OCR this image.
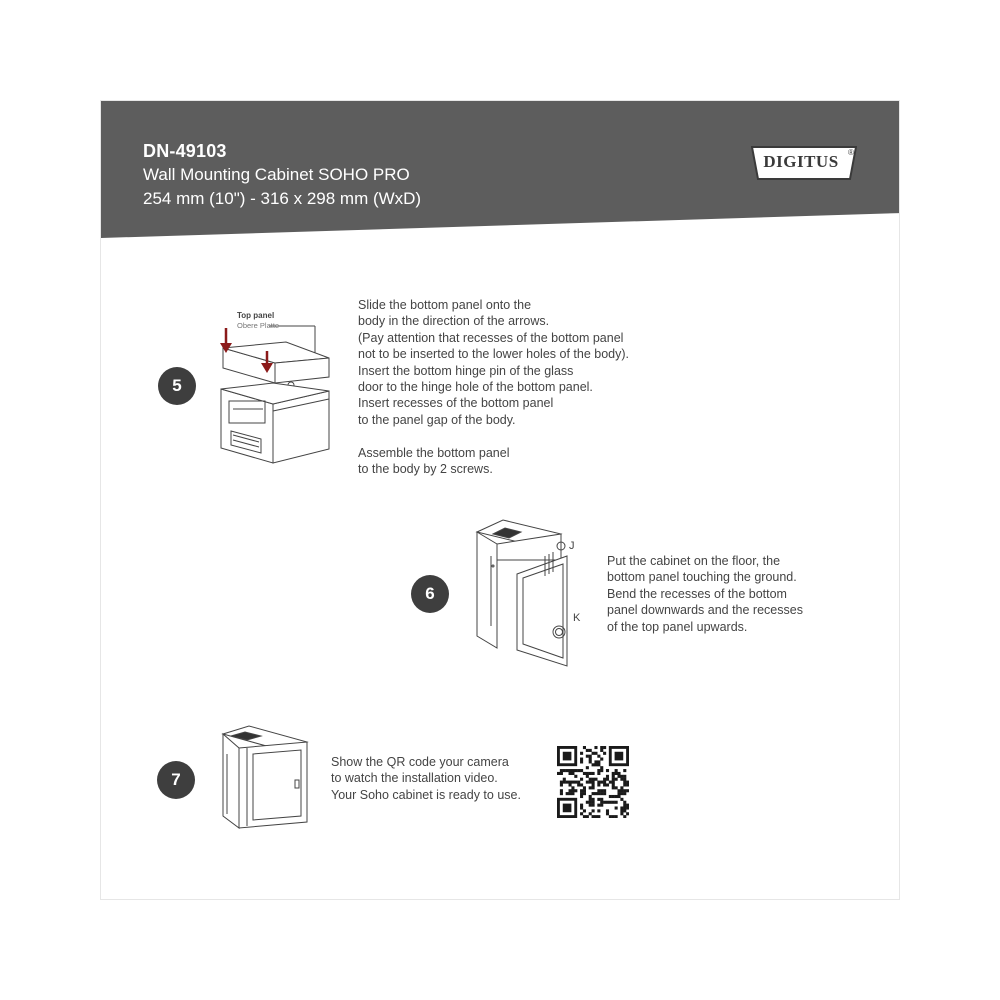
DN-49103
Wall Mounting Cabinet SOHO PRO
254 mm (10") - 316 x 298 mm (WxD)
DIGITUS	®
5
Top panel
Obere Platte
Slide the bottom panel onto the
body in the direction of the arrows.
(Pay attention that recesses of the bottom panel
not to be inserted to the lower holes of the body).
Insert the bottom hinge pin of the glass
door to the hinge hole of the bottom panel.
Insert recesses of the bottom panel
to the panel gap of the body.

Assemble the bottom panel
to the body by 2 screws.
6
J
K
Put the cabinet on the floor, the
bottom panel touching the ground.
Bend the recesses of the bottom
panel downwards and the recesses
of the top panel upwards.
7
Show the QR code your camera
to watch the installation video.
Your Soho cabinet is ready to use.
